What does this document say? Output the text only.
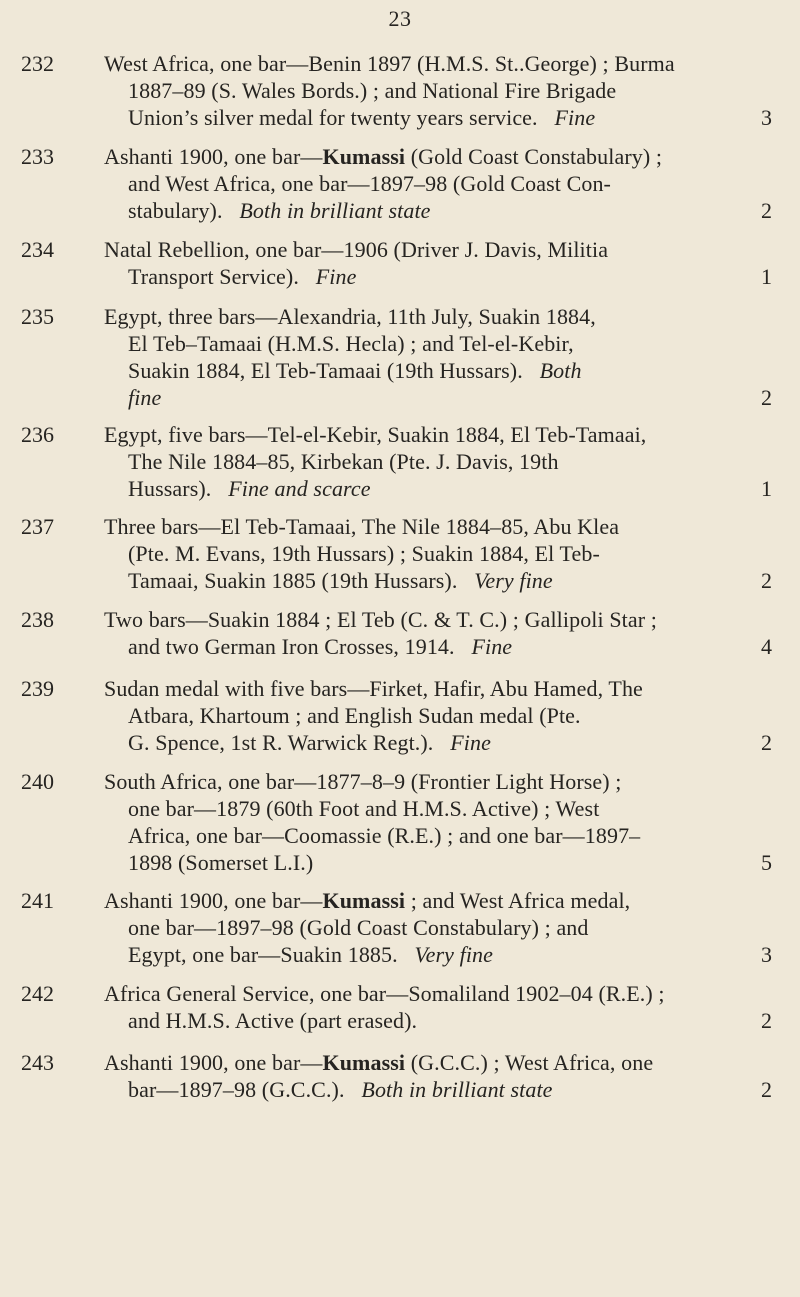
23
232	West Africa, one bar—Benin 1897 (H.M.S. St..George) ; Burma
1887–89 (S. Wales Bords.) ; and National Fire Brigade
Union’s silver medal for twenty years service. Fine	3
233	Ashanti 1900, one bar—Kumassi (Gold Coast Constabulary) ;
and West Africa, one bar—1897–98 (Gold Coast Con-
stabulary). Both in brilliant state	2
234	Natal Rebellion, one bar—1906 (Driver J. Davis, Militia
Transport Service). Fine	1
235	Egypt, three bars—Alexandria, 11th July, Suakin 1884,
El Teb–Tamaai (H.M.S. Hecla) ; and Tel-el-Kebir,
Suakin 1884, El Teb-Tamaai (19th Hussars). Both
fine	2
236	Egypt, five bars—Tel-el-Kebir, Suakin 1884, El Teb-Tamaai,
The Nile 1884–85, Kirbekan (Pte. J. Davis, 19th
Hussars). Fine and scarce	1
237	Three bars—El Teb-Tamaai, The Nile 1884–85, Abu Klea
(Pte. M. Evans, 19th Hussars) ; Suakin 1884, El Teb-
Tamaai, Suakin 1885 (19th Hussars). Very fine	2
238	Two bars—Suakin 1884 ; El Teb (C. & T. C.) ; Gallipoli Star ;
and two German Iron Crosses, 1914. Fine	4
239	Sudan medal with five bars—Firket, Hafir, Abu Hamed, The
Atbara, Khartoum ; and English Sudan medal (Pte.
G. Spence, 1st R. Warwick Regt.). Fine	2
240	South Africa, one bar—1877–8–9 (Frontier Light Horse) ;
one bar—1879 (60th Foot and H.M.S. Active) ; West
Africa, one bar—Coomassie (R.E.) ; and one bar—1897–
1898 (Somerset L.I.)	5
241	Ashanti 1900, one bar—Kumassi ; and West Africa medal,
one bar—1897–98 (Gold Coast Constabulary) ; and
Egypt, one bar—Suakin 1885. Very fine	3
242	Africa General Service, one bar—Somaliland 1902–04 (R.E.) ;
and H.M.S. Active (part erased).	2
243	Ashanti 1900, one bar—Kumassi (G.C.C.) ; West Africa, one
bar—1897–98 (G.C.C.). Both in brilliant state	2
